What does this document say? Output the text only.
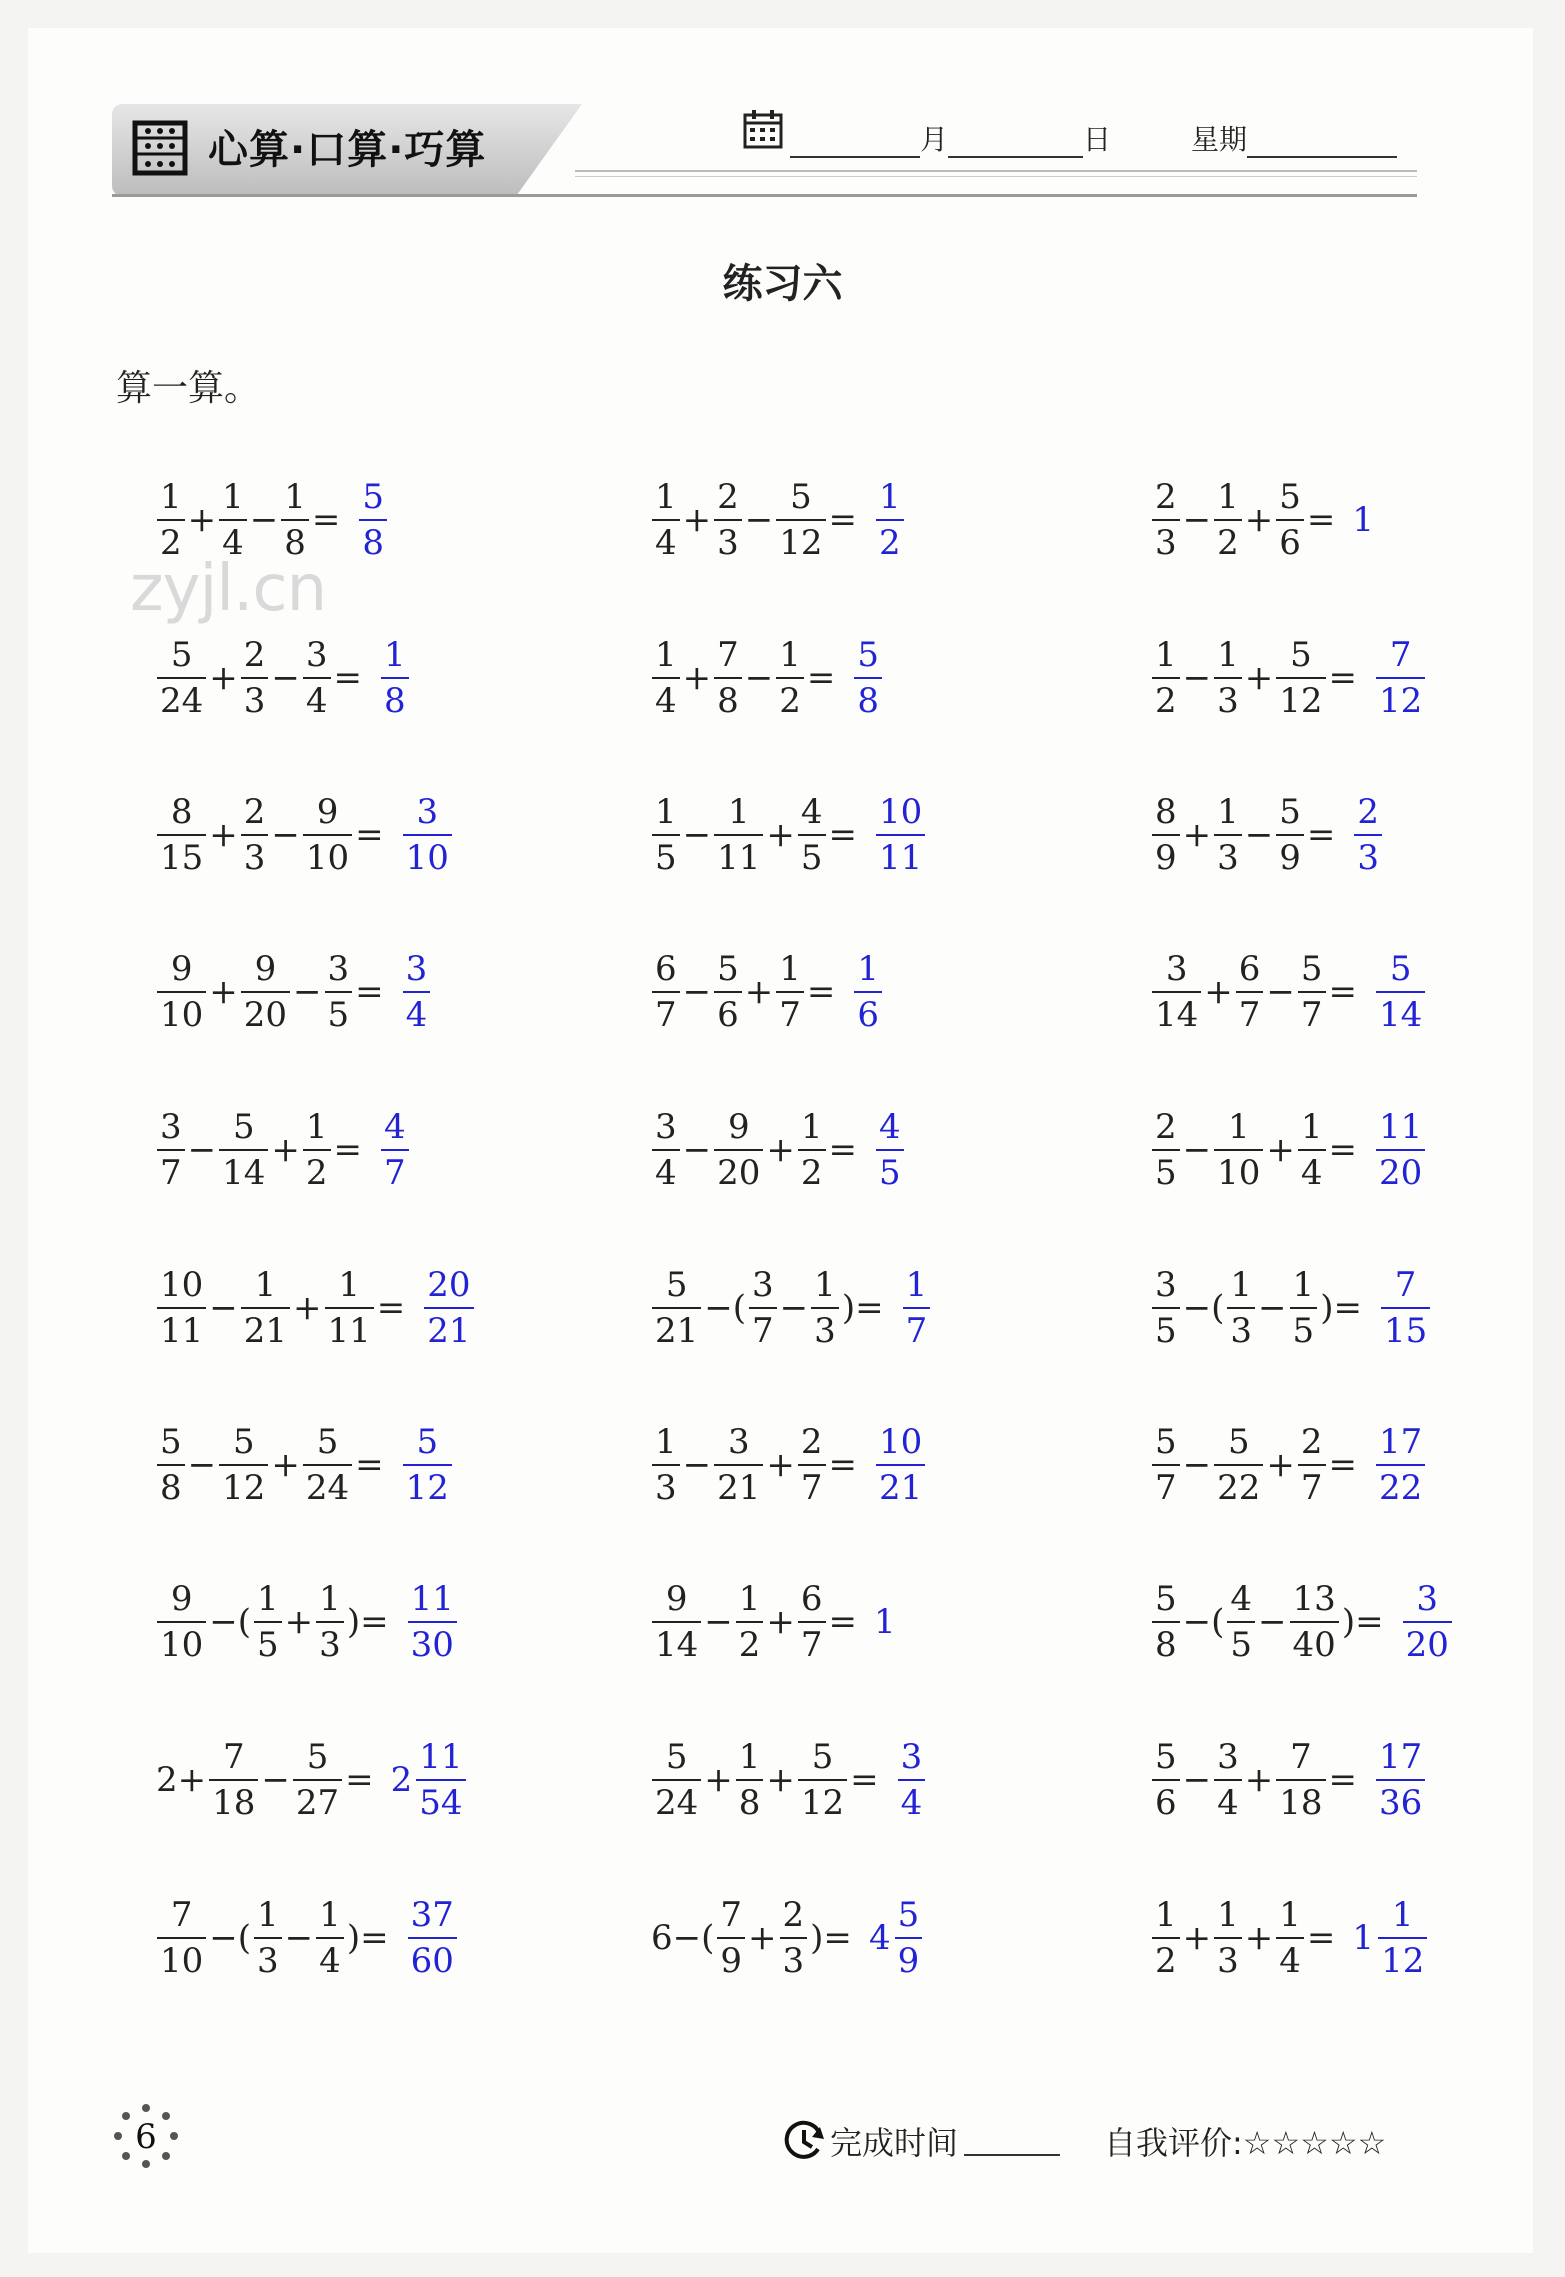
心算·口算·巧算	月	日	星期
练习六
算一算。
zyjl.cn
$\frac{1}{2} + \frac{1}{4} - \frac{1}{8} = \frac{5}{8}$	$\frac{1}{4} + \frac{2}{3} - \frac{5}{12} = \frac{1}{2}$	$\frac{2}{3} - \frac{1}{2} + \frac{5}{6} = 1$
$\frac{5}{24} + \frac{2}{3} - \frac{3}{4} = \frac{1}{8}$	$\frac{1}{4} + \frac{7}{8} - \frac{1}{2} = \frac{5}{8}$	$\frac{1}{2} - \frac{1}{3} + \frac{5}{12} = \frac{7}{12}$
$\frac{8}{15} + \frac{2}{3} - \frac{9}{10} = \frac{3}{10}$	$\frac{1}{5} - \frac{1}{11} + \frac{4}{5} = \frac{10}{11}$	$\frac{8}{9} + \frac{1}{3} - \frac{5}{9} = \frac{2}{3}$
$\frac{9}{10} + \frac{9}{20} - \frac{3}{5} = \frac{3}{4}$	$\frac{6}{7} - \frac{5}{6} + \frac{1}{7} = \frac{1}{6}$	$\frac{3}{14} + \frac{6}{7} - \frac{5}{7} = \frac{5}{14}$
$\frac{3}{7} - \frac{5}{14} + \frac{1}{2} = \frac{4}{7}$	$\frac{3}{4} - \frac{9}{20} + \frac{1}{2} = \frac{4}{5}$	$\frac{2}{5} - \frac{1}{10} + \frac{1}{4} = \frac{11}{20}$
$\frac{10}{11} - \frac{1}{21} + \frac{1}{11} = \frac{20}{21}$	$\frac{5}{21}$ −( $\frac{3}{7} - \frac{1}{3}$ )= $\frac{1}{7}$	$\frac{3}{5}$ −( $\frac{1}{3} - \frac{1}{5}$ )= $\frac{7}{15}$
$\frac{5}{8} - \frac{5}{12} + \frac{5}{24} = \frac{5}{12}$	$\frac{1}{3} - \frac{3}{21} + \frac{2}{7} = \frac{10}{21}$	$\frac{5}{7} - \frac{5}{22} + \frac{2}{7} = \frac{17}{22}$
$\frac{9}{10}$ −( $\frac{1}{5} + \frac{1}{3}$ )= $\frac{11}{30}$	$\frac{9}{14} - \frac{1}{2} + \frac{6}{7} = 1$	$\frac{5}{8}$ −( $\frac{4}{5} - \frac{13}{40}$ )= $\frac{3}{20}$
$2+ \frac{7}{18} - \frac{5}{27} = 2 \frac{11}{54}$	$\frac{5}{24} + \frac{1}{8} + \frac{5}{12} = \frac{3}{4}$	$\frac{5}{6} - \frac{3}{4} + \frac{7}{18} = \frac{17}{36}$
$\frac{7}{10}$ −( $\frac{1}{3} - \frac{1}{4}$ )= $\frac{37}{60}$	$6-( \frac{7}{9} + \frac{2}{3}$ )= $4 \frac{5}{9}$	$\frac{1}{2} + \frac{1}{3} + \frac{1}{4} = 1 \frac{1}{12}$
6	完成时间	自我评价:☆☆☆☆☆
